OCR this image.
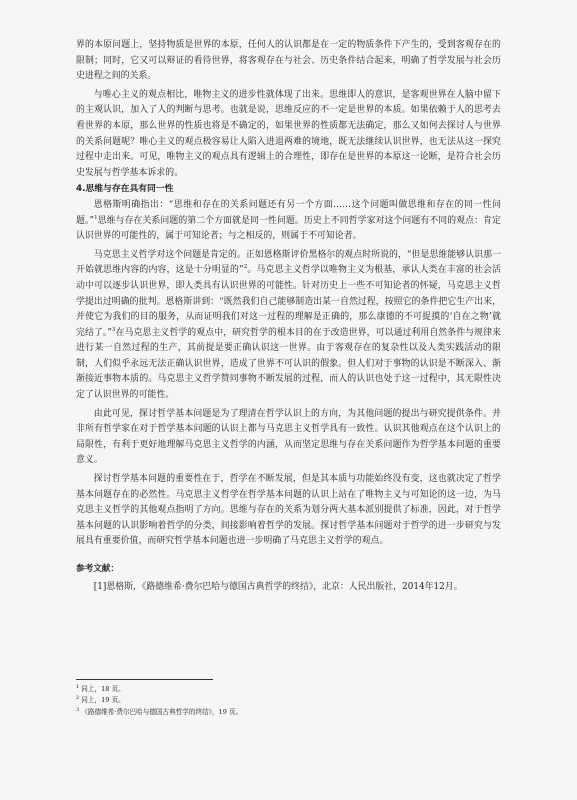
界的本原问题上，坚持物质是世界的本原，任何人的认识都是在一定的物质条件下产生的，受到客观存在的限制；同时，它又可以辩证的看待世界，将客观存在与社会、历史条件结合起来，明确了哲学发展与社会历史进程之间的关系。

与唯心主义的观点相比，唯物主义的进步性就体现了出来。思维即人的意识，是客观世界在人脑中留下的主观认识，加入了人的判断与思考。也就是说，思维反应的不一定是世界的本质。如果依赖于人的思考去看世界的本原，那么世界的性质也将是不确定的，如果世界的性质都无法确定，那么又如何去探讨人与世界的关系问题呢？唯心主义的观点极容易让人陷入进退两难的境地，既无法继续认识世界，也无法从这一探究过程中走出来。可见，唯物主义的观点具有逻辑上的合理性，即存在是世界的本原这一论断，是符合社会历史发展与哲学基本诉求的。

4.思维与存在具有同一性

恩格斯明确指出：“思维和存在的关系问题还有另一个方面……这个问题叫做思维和存在的同一性问题。”$^1$思维与存在关系问题的第二个方面就是同一性问题。历史上不同哲学家对这个问题有不同的观点：肯定认识世界的可能性的，属于可知论者；与之相反的，则属于不可知论者。

马克思主义哲学对这个问题是肯定的。正如恩格斯评价黑格尔的观点时所说的，“但是思维能够认识那一开始就思维内容的内容，这是十分明显的”$^2$。马克思主义哲学以唯物主义为根基，承认人类在丰富的社会活动中可以逐步认识世界，即人类具有认识世界的可能性。针对历史上一些不可知论者的怀疑，马克思主义哲学提出过明确的批判。恩格斯讲到：“既然我们自己能够制造出某一自然过程，按照它的条件把它生产出来，并使它为我们的目的服务，从而证明我们对这一过程的理解是正确的，那么康德的不可捉摸的‘自在之物’就完结了。”$^3$在马克思主义哲学的观点中，研究哲学的根本目的在于改造世界，可以通过利用自然条件与规律来进行某一自然过程的生产，其前提是要正确认识这一世界。由于客观存在的复杂性以及人类实践活动的限制，人们似乎永远无法正确认识世界，造成了世界不可认识的假象。但人们对于事物的认识是不断深入、渐渐接近事物本质的。马克思主义哲学赞同事物不断发展的过程，而人的认识也处于这一过程中，其无限性决定了认识世界的可能性。

由此可见，探讨哲学基本问题是为了理清在哲学认识上的方向，为其他问题的提出与研究提供条件。并非所有哲学家在对于哲学基本问题的认识上都与马克思主义哲学具有一致性。认识其他观点在这个认识上的局限性，有利于更好地理解马克思主义哲学的内涵，从而坚定思维与存在关系问题作为哲学基本问题的重要意义。

探讨哲学基本问题的重要性在于，哲学在不断发展，但是其本质与功能始终没有变，这也就决定了哲学基本问题存在的必然性。马克思主义哲学在哲学基本问题的认识上站在了唯物主义与可知论的这一边，为马克思主义哲学的其他观点指明了方向。思维与存在的关系为划分两大基本派别提供了标准，因此，对于哲学基本问题的认识影响着哲学的分类，间接影响着哲学的发展。探讨哲学基本问题对于哲学的进一步研究与发展具有重要价值，而研究哲学基本问题也进一步明确了马克思主义哲学的观点。

参考文献：

[1]恩格斯，《路德维希·费尔巴哈与德国古典哲学的终结》，北京：人民出版社，2014年12月。

$^1$ 同上，18 页。

$^2$ 同上，19 页。

$^3$ 《路德维希·费尔巴哈与德国古典哲学的终结》，19 页。
